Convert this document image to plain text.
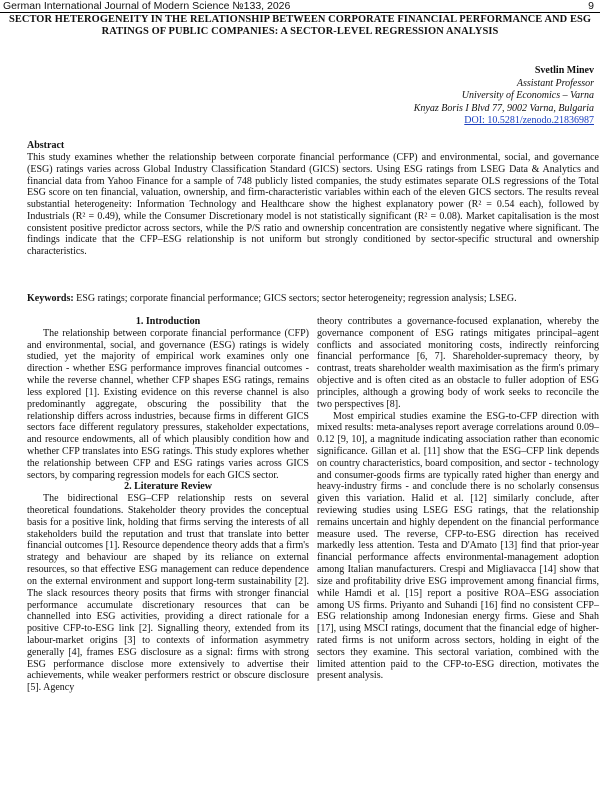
German International Journal of Modern Science №133, 2026	9
SECTOR HETEROGENEITY IN THE RELATIONSHIP BETWEEN CORPORATE FINANCIAL PERFORMANCE AND ESG RATINGS OF PUBLIC COMPANIES: A SECTOR-LEVEL REGRESSION ANALYSIS
Svetlin Minev
Assistant Professor
University of Economics – Varna
Knyaz Boris I Blvd 77, 9002 Varna, Bulgaria
DOI: 10.5281/zenodo.21836987
Abstract

This study examines whether the relationship between corporate financial performance (CFP) and environmental, social, and governance (ESG) ratings varies across Global Industry Classification Standard (GICS) sectors. Using ESG ratings from LSEG Data & Analytics and financial data from Yahoo Finance for a sample of 748 publicly listed companies, the study estimates separate OLS regressions of the Total ESG score on ten financial, valuation, ownership, and firm-characteristic variables within each of the eleven GICS sectors. The results reveal substantial heterogeneity: Information Technology and Healthcare show the highest explanatory power (R² = 0.54 each), followed by Industrials (R² = 0.49), while the Consumer Discretionary model is not statistically significant (R² = 0.08). Market capitalisation is the most consistent positive predictor across sectors, while the P/S ratio and ownership concentration are consistently negative where significant. The findings indicate that the CFP–ESG relationship is not uniform but strongly conditioned by sector-specific structural and ownership characteristics.

Keywords: ESG ratings; corporate financial performance; GICS sectors; sector heterogeneity; regression analysis; LSEG.
1. Introduction

The relationship between corporate financial performance (CFP) and environmental, social, and governance (ESG) ratings is widely studied, yet the majority of empirical work examines only one direction - whether ESG performance improves financial outcomes - while the reverse channel, whether CFP shapes ESG ratings, remains less explored [1]. Existing evidence on this reverse channel is also predominantly aggregate, obscuring the possibility that the relationship differs across industries, because firms in different GICS sectors face different regulatory pressures, stakeholder expectations, and resource endowments, all of which plausibly condition how and whether CFP translates into ESG ratings. This study explores whether the relationship between CFP and ESG ratings varies across GICS sectors, by comparing regression models for each GICS sector.

2. Literature Review

The bidirectional ESG–CFP relationship rests on several theoretical foundations. Stakeholder theory provides the conceptual basis for a positive link, holding that firms serving the interests of all stakeholders build the reputation and trust that translate into better financial outcomes [1]. Resource dependence theory adds that a firm's strategy and behaviour are shaped by its reliance on external resources, so that effective ESG management can reduce dependence on the external environment and support long-term sustainability [2]. The slack resources theory posits that firms with stronger financial performance accumulate discretionary resources that can be channelled into ESG activities, providing a direct rationale for a positive CFP-to-ESG link [2]. Signalling theory, extended from its labour-market origins [3] to contexts of information asymmetry generally [4], frames ESG disclosure as a signal: firms with strong ESG performance disclose more extensively to advertise their achievements, while weaker performers restrict or obscure disclosure [5]. Agency

theory contributes a governance-focused explanation, whereby the governance component of ESG ratings mitigates principal–agent conflicts and associated monitoring costs, indirectly reinforcing financial performance [6, 7]. Shareholder-supremacy theory, by contrast, treats shareholder wealth maximisation as the firm's primary objective and is often cited as an obstacle to fuller adoption of ESG principles, although a growing body of work seeks to reconcile the two perspectives [8].

Most empirical studies examine the ESG-to-CFP direction with mixed results: meta-analyses report average correlations around 0.09–0.12 [9, 10], a magnitude indicating association rather than economic significance. Gillan et al. [11] show that the ESG–CFP link depends on country characteristics, board composition, and sector - technology and consumer-goods firms are typically rated higher than energy and heavy-industry firms - and conclude there is no scholarly consensus given this variation. Halid et al. [12] similarly conclude, after reviewing studies using LSEG ESG ratings, that the relationship remains uncertain and highly dependent on the financial performance measure used. The reverse, CFP-to-ESG direction has received markedly less attention. Testa and D'Amato [13] find that prior-year financial performance affects environmental-management adoption among Italian manufacturers. Crespi and Migliavacca [14] show that size and profitability drive ESG improvement among financial firms, while Hamdi et al. [15] report a positive ROA–ESG association among US firms. Priyanto and Suhandi [16] find no consistent CFP–ESG relationship among Indonesian energy firms. Giese and Shah [17], using MSCI ratings, document that the financial edge of higher-rated firms is not uniform across sectors, holding in eight of the sectors they examine. This sectoral variation, combined with the limited attention paid to the CFP-to-ESG direction, motivates the present analysis.
